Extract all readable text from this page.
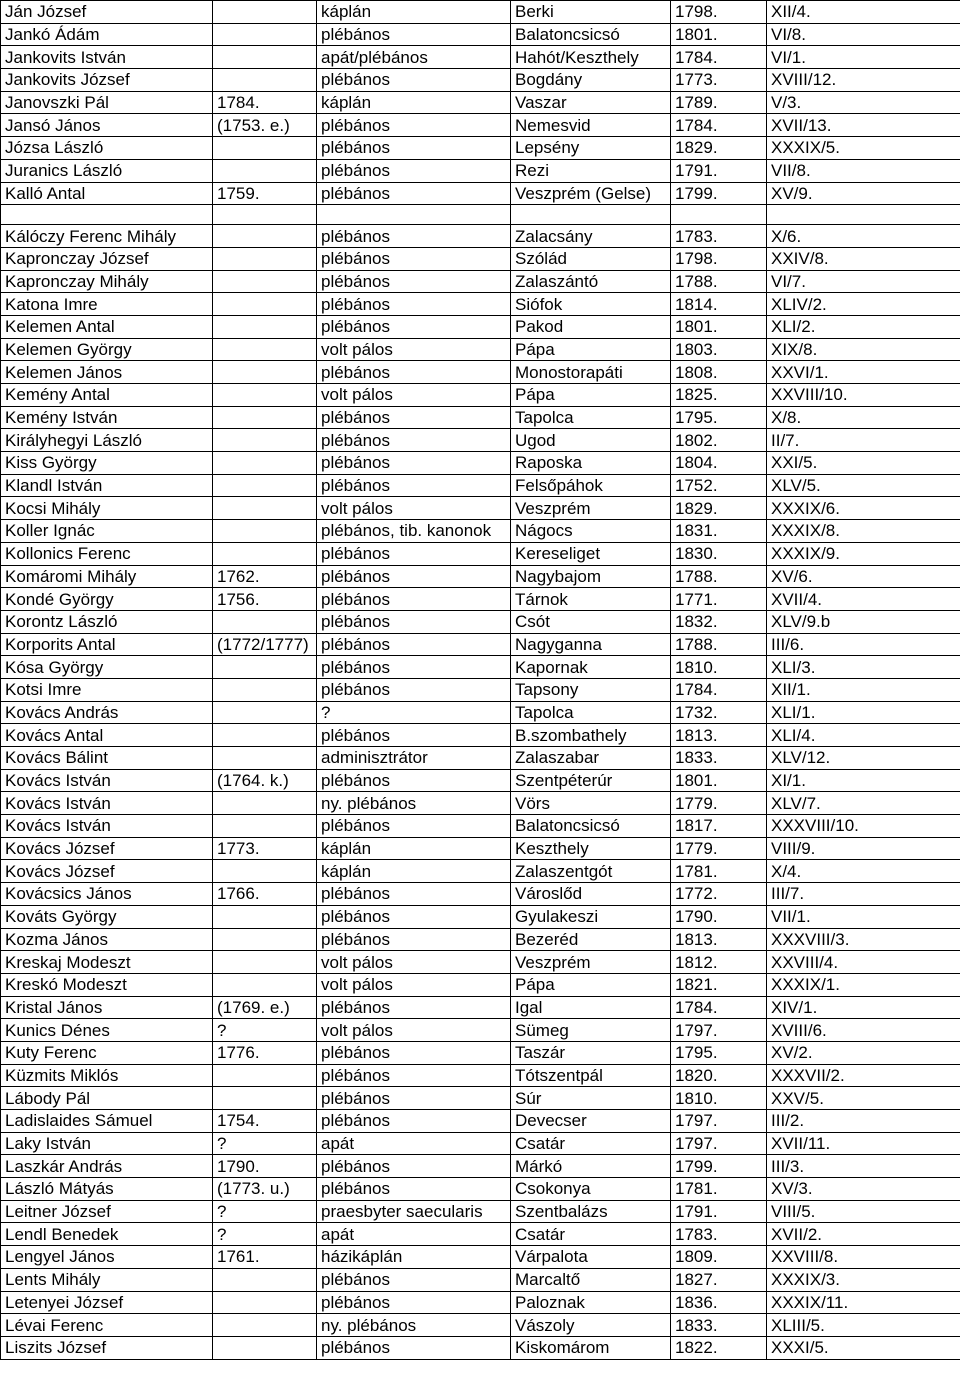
Ján József		káplán	Berki	1798.	XII/4.
Jankó Ádám		plébános	Balatoncsicsó	1801.	VI/8.
Jankovits István		apát/plébános	Hahót/Keszthely	1784.	VI/1.
Jankovits József		plébános	Bogdány	1773.	XVIII/12.
Janovszki Pál	1784.	káplán	Vaszar	1789.	V/3.
Jansó János	(1753. e.)	plébános	Nemesvid	1784.	XVII/13.
Józsa László		plébános	Lepsény	1829.	XXXIX/5.
Juranics László		plébános	Rezi	1791.	VII/8.
Kalló Antal	1759.	plébános	Veszprém (Gelse)	1799.	XV/9.

Kálóczy Ferenc Mihály		plébános	Zalacsány	1783.	X/6.
Kapronczay József		plébános	Szólád	1798.	XXIV/8.
Kapronczay Mihály		plébános	Zalaszántó	1788.	VI/7.
Katona Imre		plébános	Siófok	1814.	XLIV/2.
Kelemen Antal		plébános	Pakod	1801.	XLI/2.
Kelemen György		volt pálos	Pápa	1803.	XIX/8.
Kelemen János		plébános	Monostorapáti	1808.	XXVI/1.
Kemény Antal		volt pálos	Pápa	1825.	XXVIII/10.
Kemény István		plébános	Tapolca	1795.	X/8.
Királyhegyi László		plébános	Ugod	1802.	II/7.
Kiss György		plébános	Raposka	1804.	XXI/5.
Klandl István		plébános	Felsőpáhok	1752.	XLV/5.
Kocsi Mihály		volt pálos	Veszprém	1829.	XXXIX/6.
Koller Ignác		plébános, tib. kanonok	Nágocs	1831.	XXXIX/8.
Kollonics Ferenc		plébános	Kereseliget	1830.	XXXIX/9.
Komáromi Mihály	1762.	plébános	Nagybajom	1788.	XV/6.
Kondé György	1756.	plébános	Tárnok	1771.	XVII/4.
Korontz László		plébános	Csót	1832.	XLV/9.b
Korporits Antal	(1772/1777)	plébános	Nagyganna	1788.	III/6.
Kósa György		plébános	Kapornak	1810.	XLI/3.
Kotsi Imre		plébános	Tapsony	1784.	XII/1.
Kovács András		?	Tapolca	1732.	XLI/1.
Kovács Antal		plébános	B.szombathely	1813.	XLI/4.
Kovács Bálint		adminisztrátor	Zalaszabar	1833.	XLV/12.
Kovács István	(1764. k.)	plébános	Szentpéterúr	1801.	XI/1.
Kovács István		ny. plébános	Vörs	1779.	XLV/7.
Kovács István		plébános	Balatoncsicsó	1817.	XXXVIII/10.
Kovács József	1773.	káplán	Keszthely	1779.	VIII/9.
Kovács József		káplán	Zalaszentgót	1781.	X/4.
Kovácsics János	1766.	plébános	Városlőd	1772.	III/7.
Kováts György		plébános	Gyulakeszi	1790.	VII/1.
Kozma János		plébános	Bezeréd	1813.	XXXVIII/3.
Kreskaj Modeszt		volt pálos	Veszprém	1812.	XXVIII/4.
Kreskó Modeszt		volt pálos	Pápa	1821.	XXXIX/1.
Kristal János	(1769. e.)	plébános	Igal	1784.	XIV/1.
Kunics Dénes	?	volt pálos	Sümeg	1797.	XVIII/6.
Kuty Ferenc	1776.	plébános	Taszár	1795.	XV/2.
Küzmits Miklós		plébános	Tótszentpál	1820.	XXXVII/2.
Lábody Pál		plébános	Súr	1810.	XXV/5.
Ladislaides Sámuel	1754.	plébános	Devecser	1797.	III/2.
Laky István	?	apát	Csatár	1797.	XVII/11.
Laszkár András	1790.	plébános	Márkó	1799.	III/3.
László Mátyás	(1773. u.)	plébános	Csokonya	1781.	XV/3.
Leitner József	?	praesbyter saecularis	Szentbalázs	1791.	VIII/5.
Lendl Benedek	?	apát	Csatár	1783.	XVII/2.
Lengyel János	1761.	házikáplán	Várpalota	1809.	XXVIII/8.
Lents Mihály		plébános	Marcaltő	1827.	XXXIX/3.
Letenyei József		plébános	Paloznak	1836.	XXXIX/11.
Lévai Ferenc		ny. plébános	Vászoly	1833.	XLIII/5.
Liszits József		plébános	Kiskomárom	1822.	XXXI/5.
